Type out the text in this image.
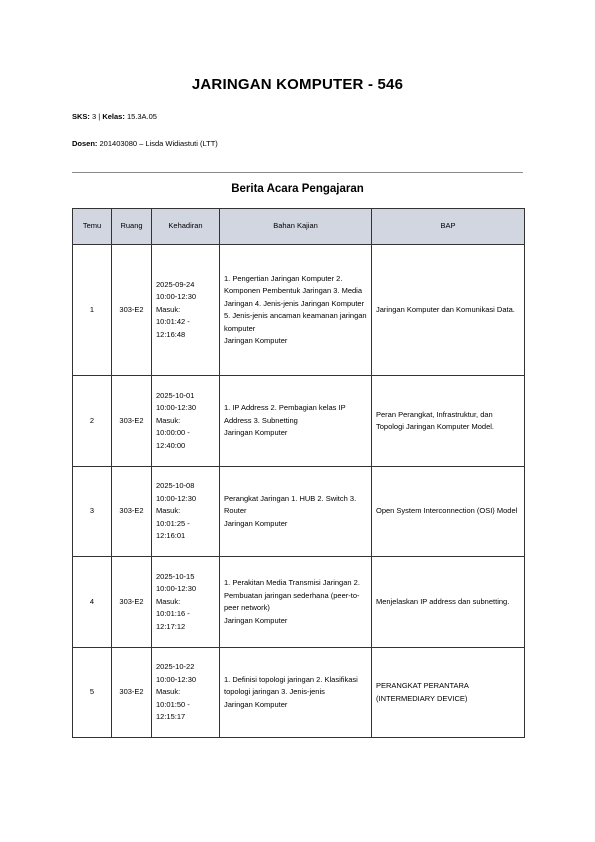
JARINGAN KOMPUTER - 546
SKS: 3 | Kelas: 15.3A.05
Dosen: 201403080 – Lisda Widiastuti (LTT)
Berita Acara Pengajaran
Temu	Ruang	Kehadiran	Bahan Kajian	BAP
1	303-E2	2025-09-24
10:00-12:30
Masuk:
10:01:42 -
12:16:48	1. Pengertian Jaringan Komputer 2. Komponen Pembentuk Jaringan 3. Media Jaringan 4. Jenis-jenis Jaringan Komputer 5. Jenis-jenis ancaman keamanan jaringan komputer
Jaringan Komputer	Jaringan Komputer dan Komunikasi Data.
2	303-E2	2025-10-01
10:00-12:30
Masuk:
10:00:00 -
12:40:00	1. IP Address 2. Pembagian kelas IP Address 3. Subnetting
Jaringan Komputer	Peran Perangkat, Infrastruktur, dan Topologi Jaringan Komputer Model.
3	303-E2	2025-10-08
10:00-12:30
Masuk:
10:01:25 -
12:16:01	Perangkat Jaringan 1. HUB 2. Switch 3. Router
Jaringan Komputer	Open System Interconnection (OSI) Model
4	303-E2	2025-10-15
10:00-12:30
Masuk:
10:01:16 -
12:17:12	1. Perakitan Media Transmisi Jaringan 2. Pembuatan jaringan sederhana (peer-to- peer network)
Jaringan Komputer	Menjelaskan IP address dan subnetting.
5	303-E2	2025-10-22
10:00-12:30
Masuk:
10:01:50 -
12:15:17	1. Definisi topologi jaringan 2. Klasifikasi topologi jaringan 3. Jenis-jenis
Jaringan Komputer	PERANGKAT PERANTARA (INTERMEDIARY DEVICE)
